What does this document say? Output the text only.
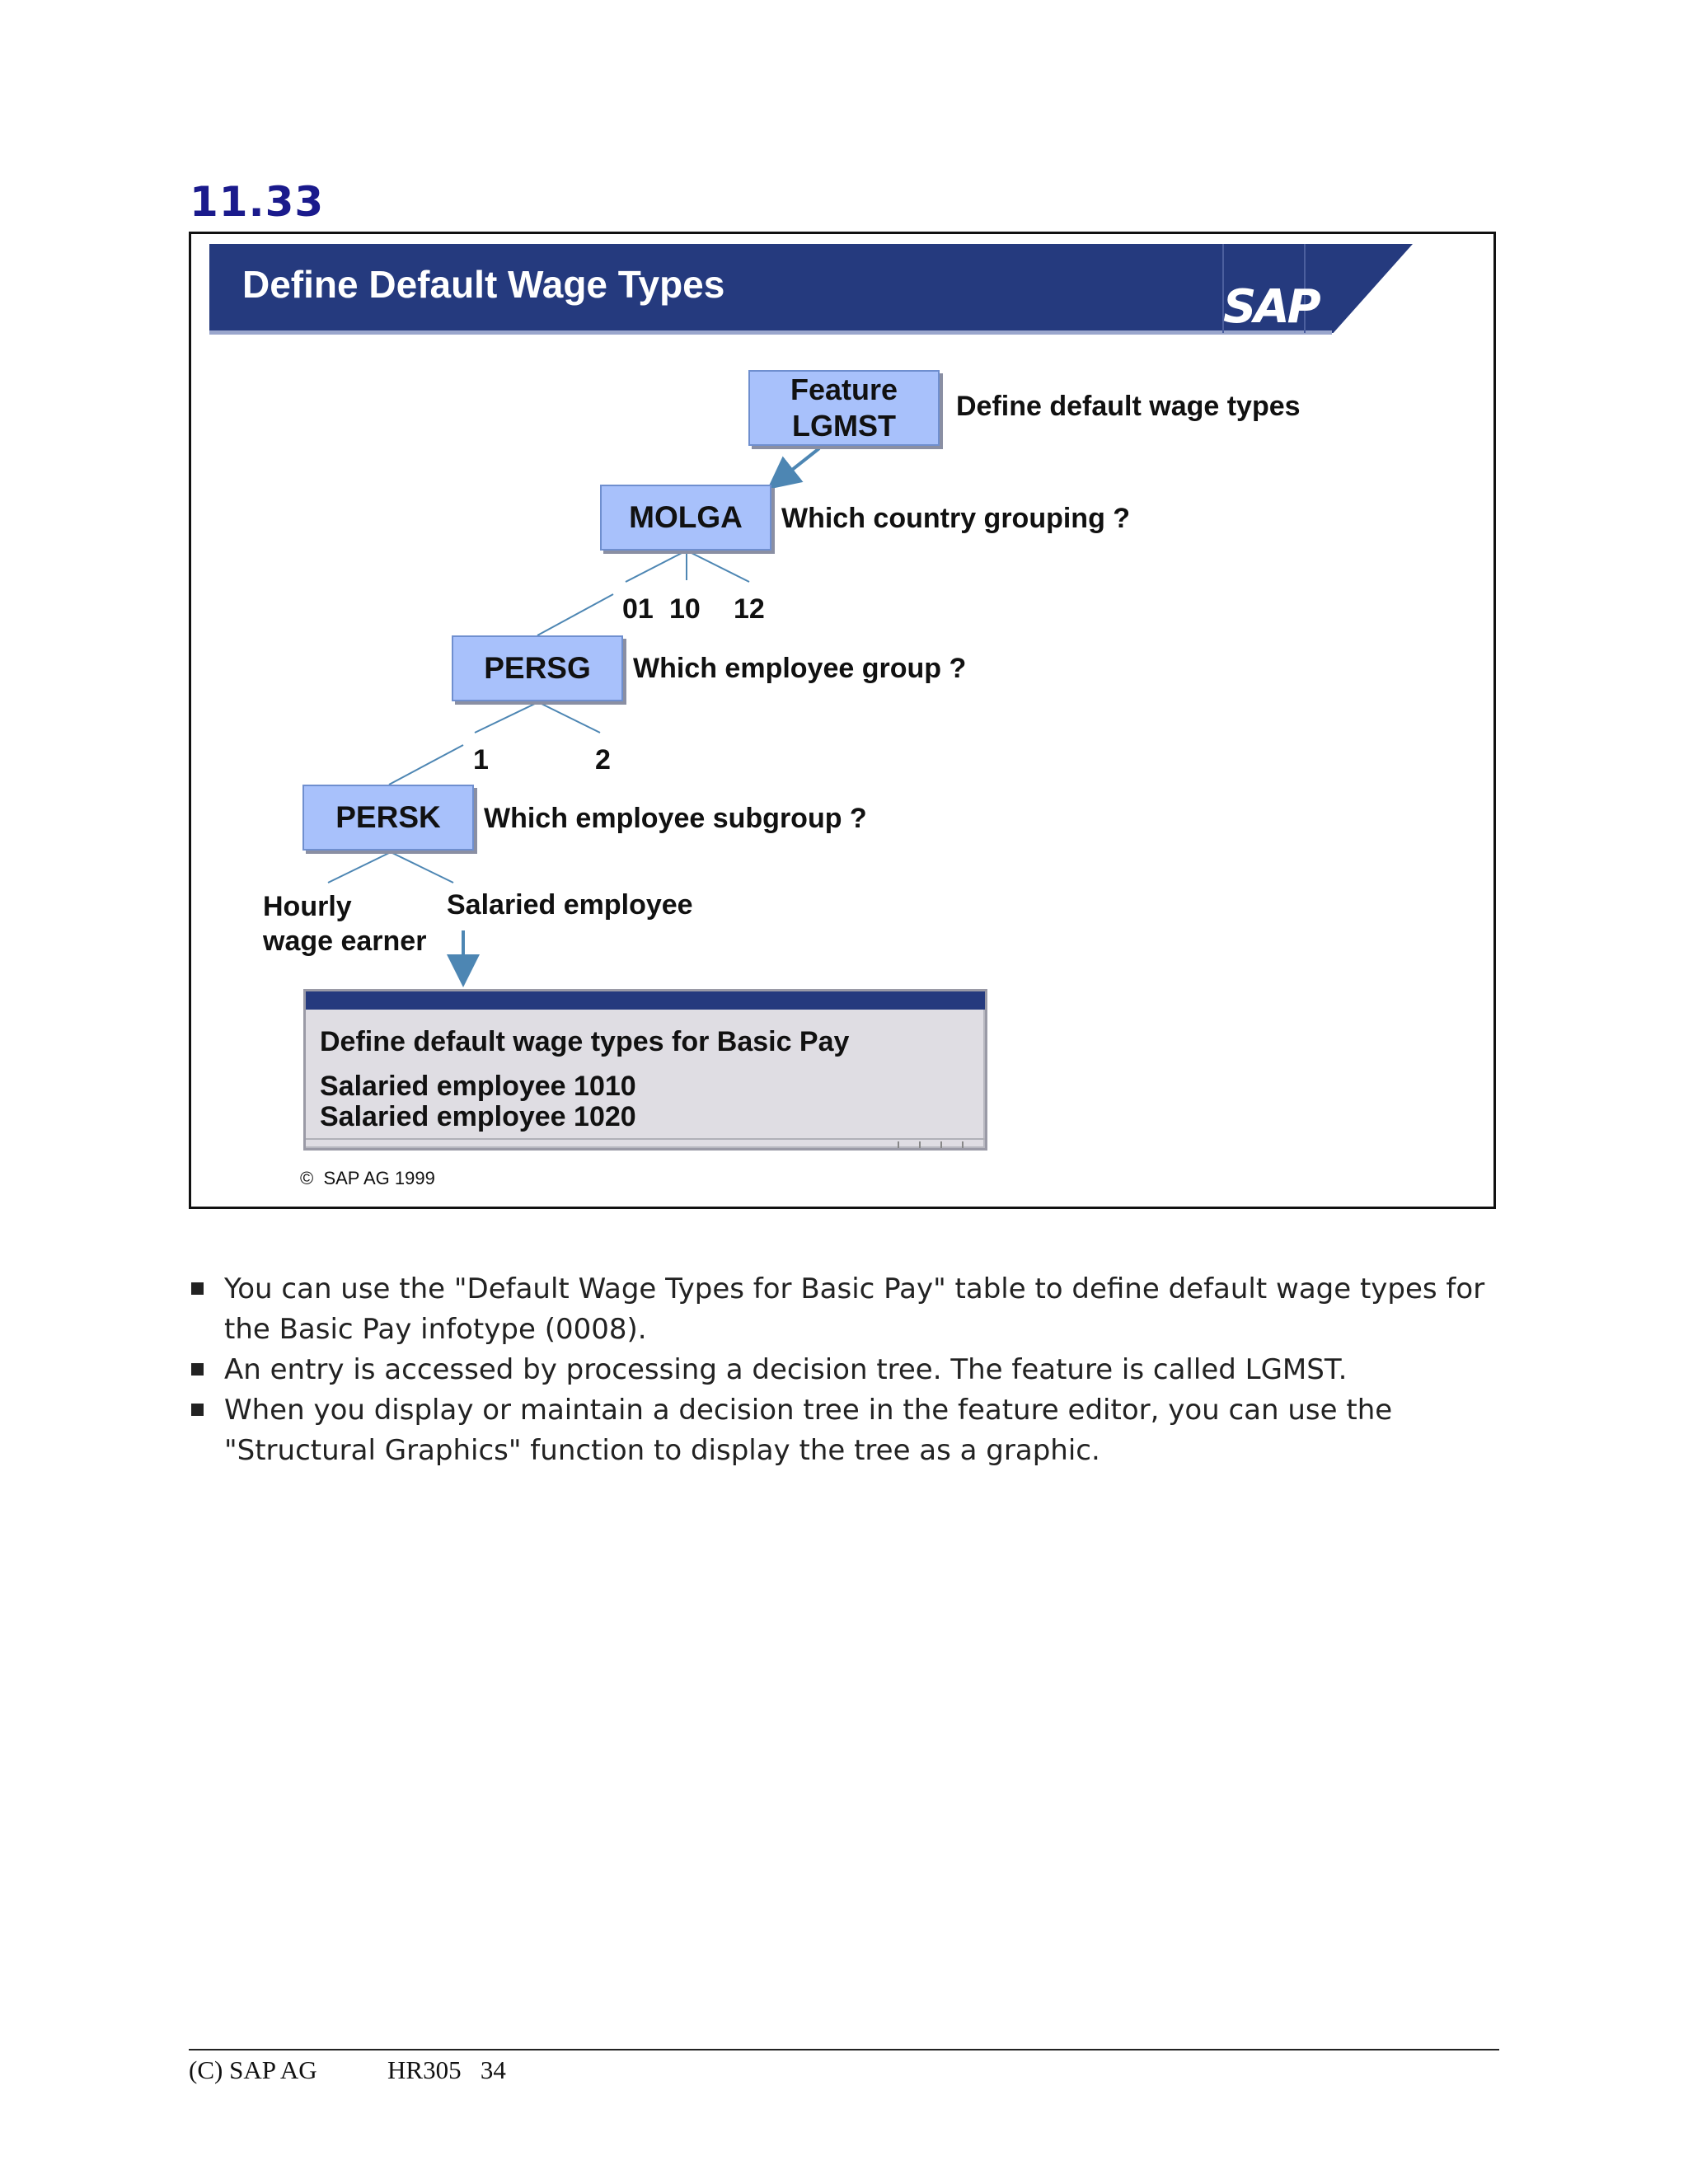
11.33
Define Default Wage Types	SAP
Feature
LGMST
Define default wage types
MOLGA	Which country grouping ?
01 10 12
PERSG	Which employee group ?
1	2
PERSK	Which employee subgroup ?
Hourly
wage earner
Salaried employee
Define default wage types for Basic Pay
Salaried employee 1010
Salaried employee 1020
©  SAP AG 1999
You can use the "Default Wage Types for Basic Pay" table to define default wage types for the Basic Pay infotype (0008).
An entry is accessed by processing a decision tree. The feature is called LGMST.
When you display or maintain a decision tree in the feature editor, you can use the "Structural Graphics" function to display the tree as a graphic.
(C) SAP AG	HR305 34
